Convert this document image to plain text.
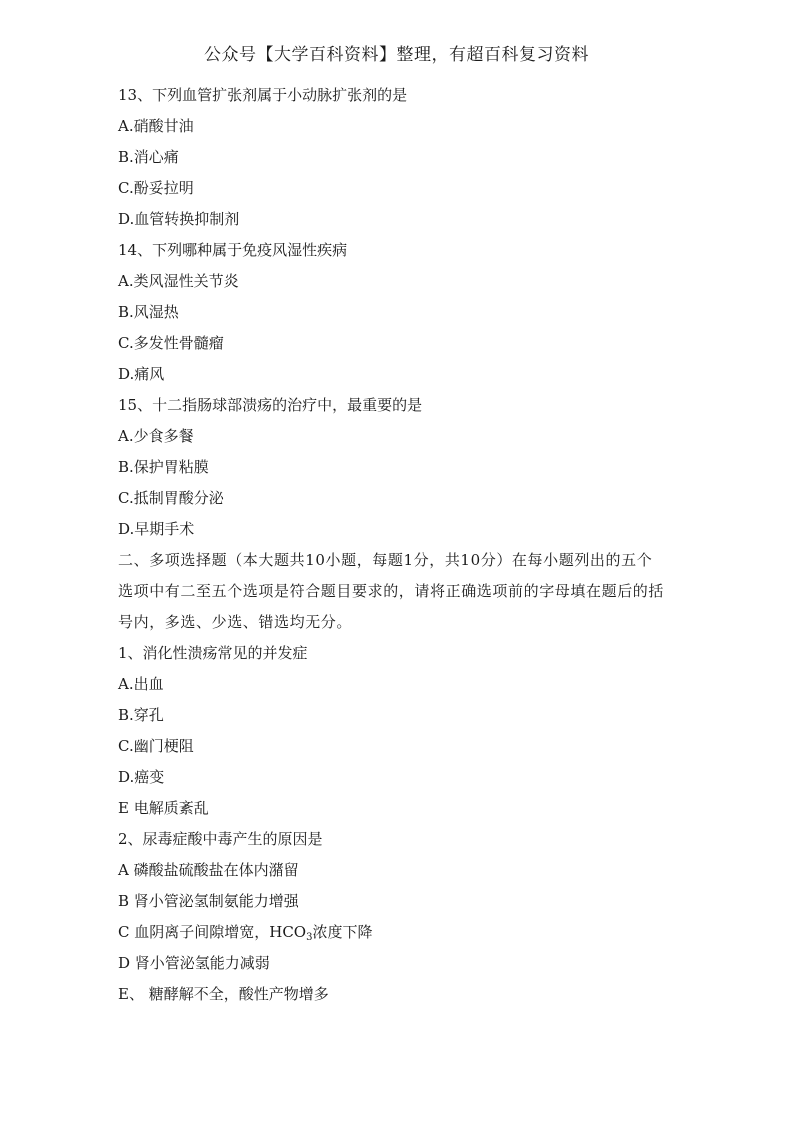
公众号【大学百科资料】整理，有超百科复习资料
13、下列血管扩张剂属于小动脉扩张剂的是
A.硝酸甘油
B.消心痛
C.酚妥拉明
D.血管转换抑制剂
14、下列哪种属于免疫风湿性疾病
A.类风湿性关节炎
B.风湿热
C.多发性骨髓瘤
D.痛风
15、十二指肠球部溃疡的治疗中，最重要的是
A.少食多餐
B.保护胃粘膜
C.抵制胃酸分泌
D.早期手术
二、多项选择题（本大题共10小题，每题1分，共10分）在每小题列出的五个
选项中有二至五个选项是符合题目要求的，请将正确选项前的字母填在题后的括
号内，多选、少选、错选均无分。
1、消化性溃疡常见的并发症
A.出血
B.穿孔
C.幽门梗阻
D.癌变
E 电解质紊乱
2、尿毒症酸中毒产生的原因是
A 磷酸盐硫酸盐在体内潴留
B 肾小管泌氢制氨能力增强
C 血阴离子间隙增宽，$HCO_3$浓度下降
D 肾小管泌氢能力减弱
E、 糖酵解不全，酸性产物增多
